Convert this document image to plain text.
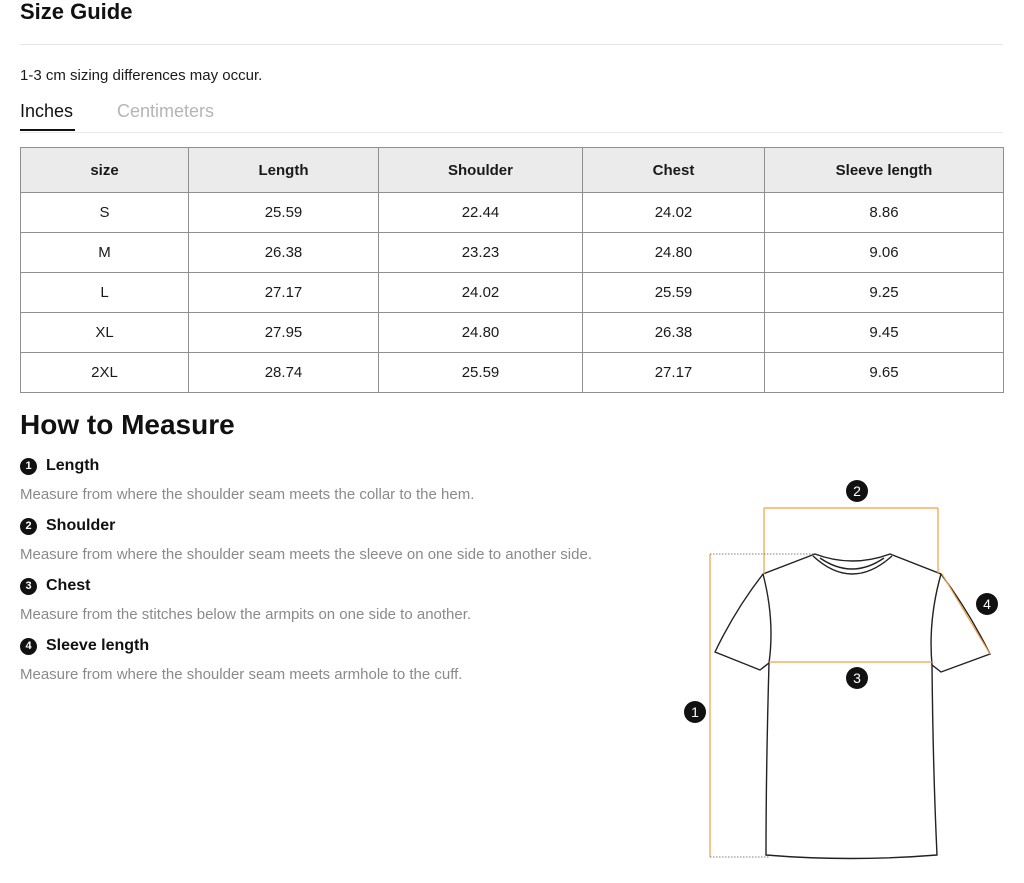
Size Guide
1-3 cm sizing differences may occur.
Inches Centimeters
size	Length	Shoulder	Chest	Sleeve length
S	25.59	22.44	24.02	8.86
M	26.38	23.23	24.80	9.06
L	27.17	24.02	25.59	9.25
XL	27.95	24.80	26.38	9.45
2XL	28.74	25.59	27.17	9.65
How to Measure
1 Length
Measure from where the shoulder seam meets the collar to the hem.
2 Shoulder
Measure from where the shoulder seam meets the sleeve on one side to another side.
3 Chest
Measure from the stitches below the armpits on one side to another.
4 Sleeve length
Measure from where the shoulder seam meets armhole to the cuff.
2
4
3
1
